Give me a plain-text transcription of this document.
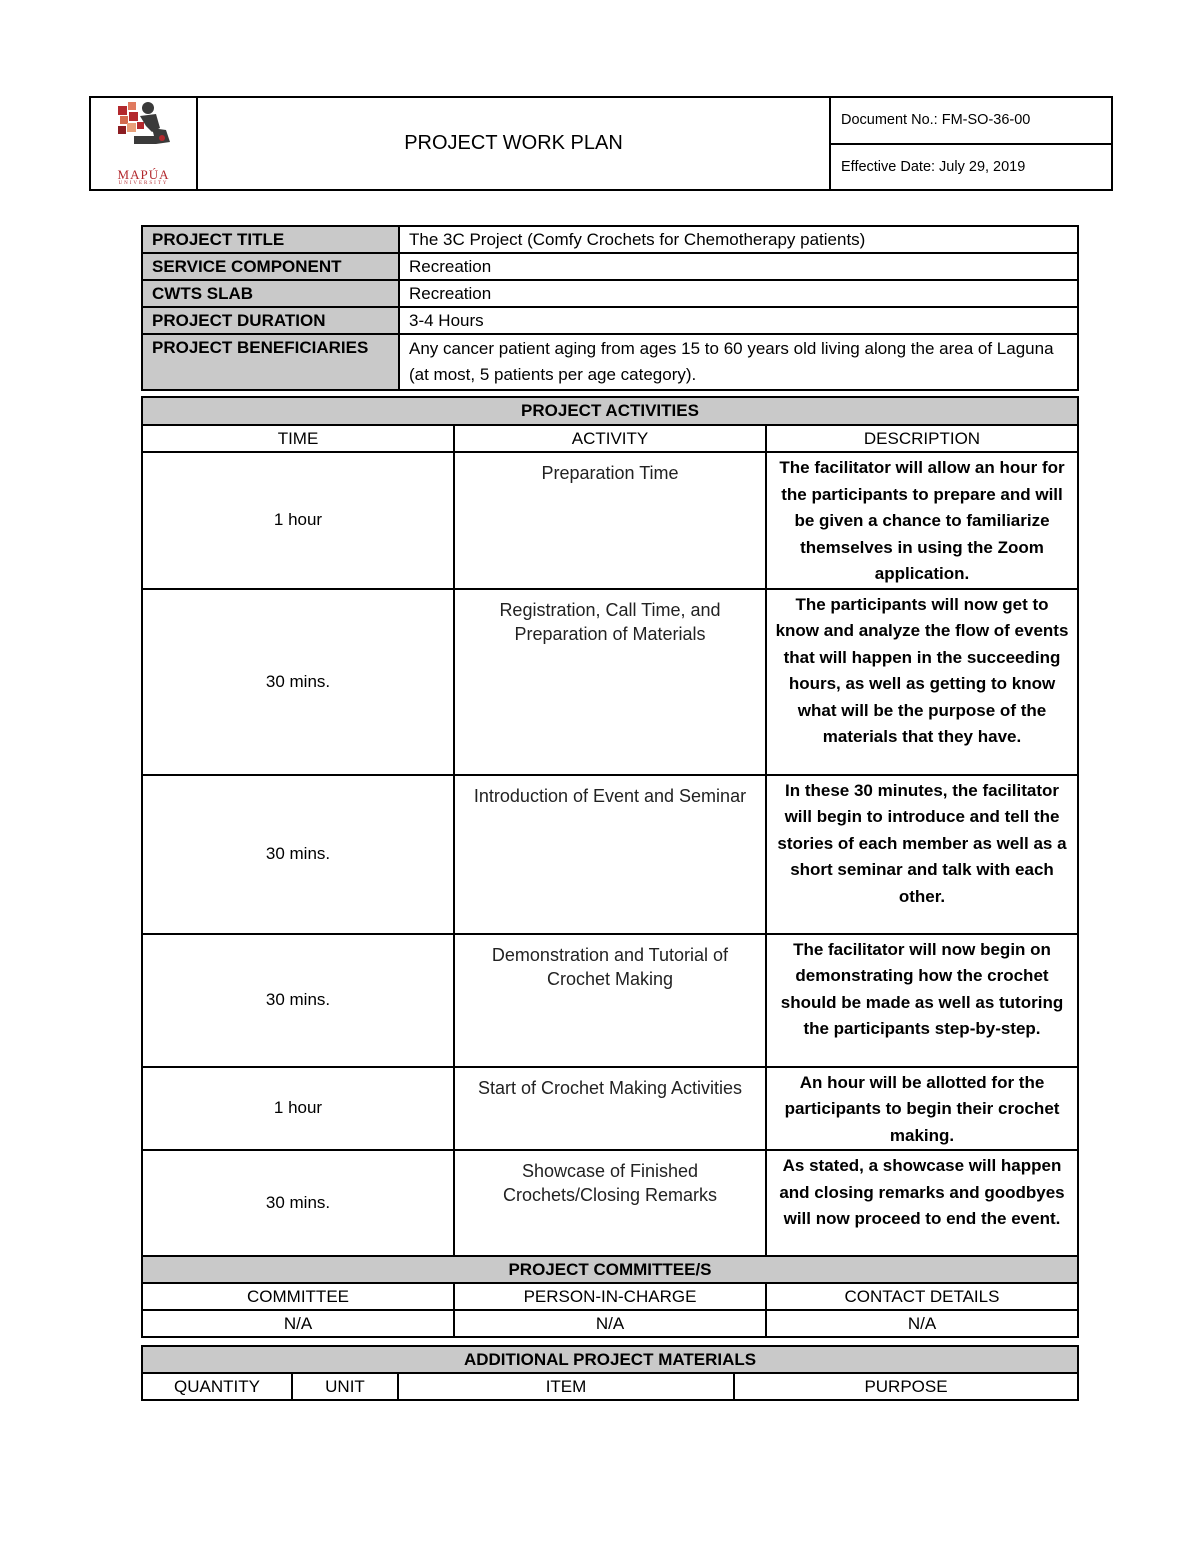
MAPÚA
UNIVERSITY
	PROJECT WORK PLAN	Document No.: FM-SO-36-00
Effective Date: July 29, 2019
PROJECT TITLE	The 3C Project (Comfy Crochets for Chemotherapy patients)
SERVICE COMPONENT	Recreation
CWTS SLAB	Recreation
PROJECT DURATION	3-4 Hours
PROJECT BENEFICIARIES	Any cancer patient aging from ages 15 to 60 years old living along the area of Laguna (at most, 5 patients per age category).
PROJECT ACTIVITIES		
TIME	ACTIVITY	DESCRIPTION
1 hour	Preparation Time	The facilitator will allow an hour for the participants to prepare and will be given a chance to familiarize themselves in using the Zoom application.
30 mins.	Registration, Call Time, and Preparation of Materials	The participants will now get to know and analyze the flow of events that will happen in the succeeding hours, as well as getting to know what will be the purpose of the materials that they have.
30 mins.	Introduction of Event and Seminar	In these 30 minutes, the facilitator will begin to introduce and tell the stories of each member as well as a short seminar and talk with each other.
30 mins.	Demonstration and Tutorial of Crochet Making	The facilitator will now begin on demonstrating how the crochet should be made as well as tutoring the participants step-by-step.
1 hour	Start of Crochet Making Activities	An hour will be allotted for the participants to begin their crochet making.
30 mins.	Showcase of Finished Crochets/Closing Remarks	As stated, a showcase will happen and closing remarks and goodbyes will now proceed to end the event.
PROJECT COMMITTEE/S		
COMMITTEE	PERSON-IN-CHARGE	CONTACT DETAILS
N/A	N/A	N/A
ADDITIONAL PROJECT MATERIALS
QUANTITY	UNIT	ITEM	PURPOSE
